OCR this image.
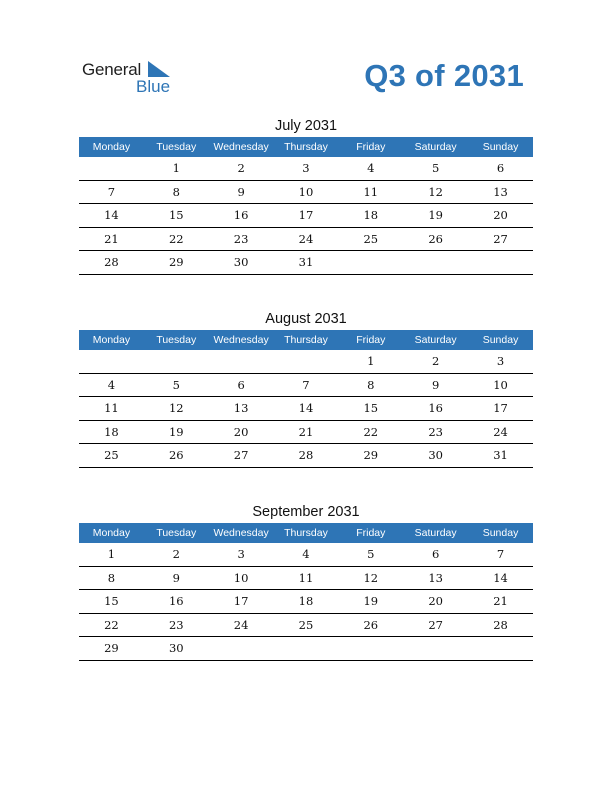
General
Blue	Q3 of 2031
July 2031
Monday	Tuesday	Wednesday	Thursday	Friday	Saturday	Sunday
	1	2	3	4	5	6
7	8	9	10	11	12	13
14	15	16	17	18	19	20
21	22	23	24	25	26	27
28	29	30	31			
August 2031
Monday	Tuesday	Wednesday	Thursday	Friday	Saturday	Sunday
				1	2	3
4	5	6	7	8	9	10
11	12	13	14	15	16	17
18	19	20	21	22	23	24
25	26	27	28	29	30	31
September 2031
Monday	Tuesday	Wednesday	Thursday	Friday	Saturday	Sunday
1	2	3	4	5	6	7
8	9	10	11	12	13	14
15	16	17	18	19	20	21
22	23	24	25	26	27	28
29	30					
